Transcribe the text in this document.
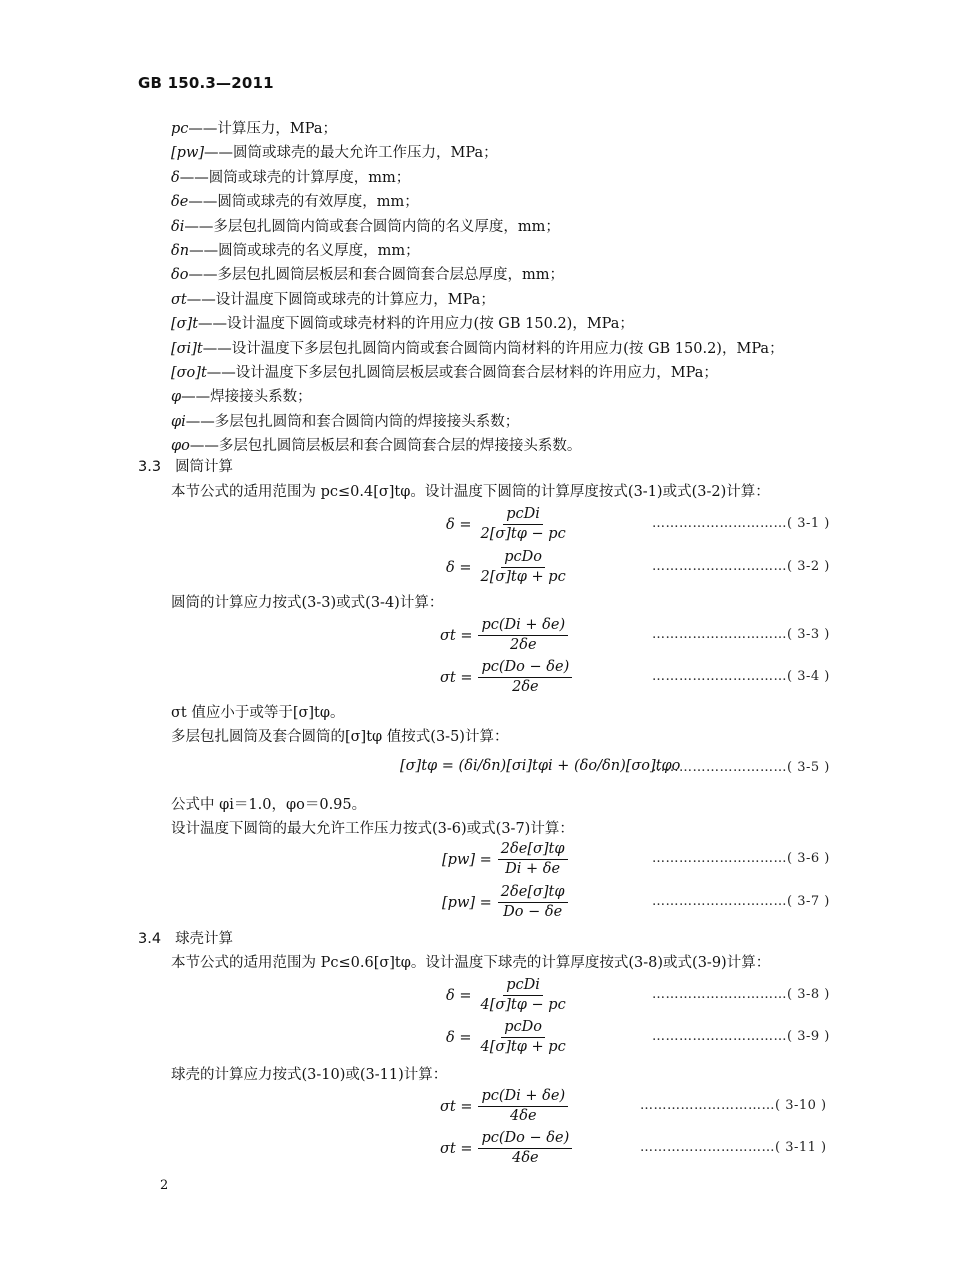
GB 150.3—2011
pc——计算压力，MPa；
[pw]——圆筒或球壳的最大允许工作压力，MPa；
δ——圆筒或球壳的计算厚度，mm；
δe——圆筒或球壳的有效厚度，mm；
δi——多层包扎圆筒内筒或套合圆筒内筒的名义厚度，mm；
δn——圆筒或球壳的名义厚度，mm；
δo——多层包扎圆筒层板层和套合圆筒套合层总厚度，mm；
σt——设计温度下圆筒或球壳的计算应力，MPa；
[σ]t——设计温度下圆筒或球壳材料的许用应力(按 GB 150.2)，MPa；
[σi]t——设计温度下多层包扎圆筒内筒或套合圆筒内筒材料的许用应力(按 GB 150.2)，MPa；
[σo]t——设计温度下多层包扎圆筒层板层或套合圆筒套合层材料的许用应力，MPa；
φ——焊接接头系数；
φi——多层包扎圆筒和套合圆筒内筒的焊接接头系数；
φo——多层包扎圆筒层板层和套合圆筒套合层的焊接接头系数。
3.3 圆筒计算
本节公式的适用范围为 pc≤0.4[σ]tφ。设计温度下圆筒的计算厚度按式(3-1)或式(3-2)计算：
$\delta = \frac{\text{pcDi}}{2[\sigma]t\varphi - pc}$	…………………………( 3-1 )
$\delta = \frac{\text{pcDo}}{2[\sigma]t\varphi + pc}$	…………………………( 3-2 )
圆筒的计算应力按式(3-3)或式(3-4)计算：
$\sigma t = \frac{pc(Di + \delta e)}{2\delta e}$	…………………………( 3-3 )
$\sigma t = \frac{pc(Do - \delta e)}{2\delta e}$	…………………………( 3-4 )
σt 值应小于或等于[σ]tφ。
多层包扎圆筒及套合圆筒的[σ]tφ 值按式(3-5)计算：
[σ]tφ = (δi/δn)[σi]tφi + (δo/δn)[σo]tφo
…………………………( 3-5 )
公式中 φi＝1.0，φo＝0.95。
设计温度下圆筒的最大允许工作压力按式(3-6)或式(3-7)计算：
$[pw] = \frac{2\delta e[\sigma]t\varphi}{Di + \delta e}$	…………………………( 3-6 )
$[pw] = \frac{2\delta e[\sigma]t\varphi}{Do - \delta e}$	…………………………( 3-7 )
3.4 球壳计算
本节公式的适用范围为 Pc≤0.6[σ]tφ。设计温度下球壳的计算厚度按式(3-8)或式(3-9)计算：
$\delta = \frac{\text{pcDi}}{4[\sigma]t\varphi - pc}$	…………………………( 3-8 )
$\delta = \frac{\text{pcDo}}{4[\sigma]t\varphi + pc}$	…………………………( 3-9 )
球壳的计算应力按式(3-10)或(3-11)计算：
$\sigma t = \frac{pc(Di + \delta e)}{4\delta e}$	…………………………( 3-10 )
$\sigma t = \frac{pc(Do - \delta e)}{4\delta e}$	…………………………( 3-11 )
2
